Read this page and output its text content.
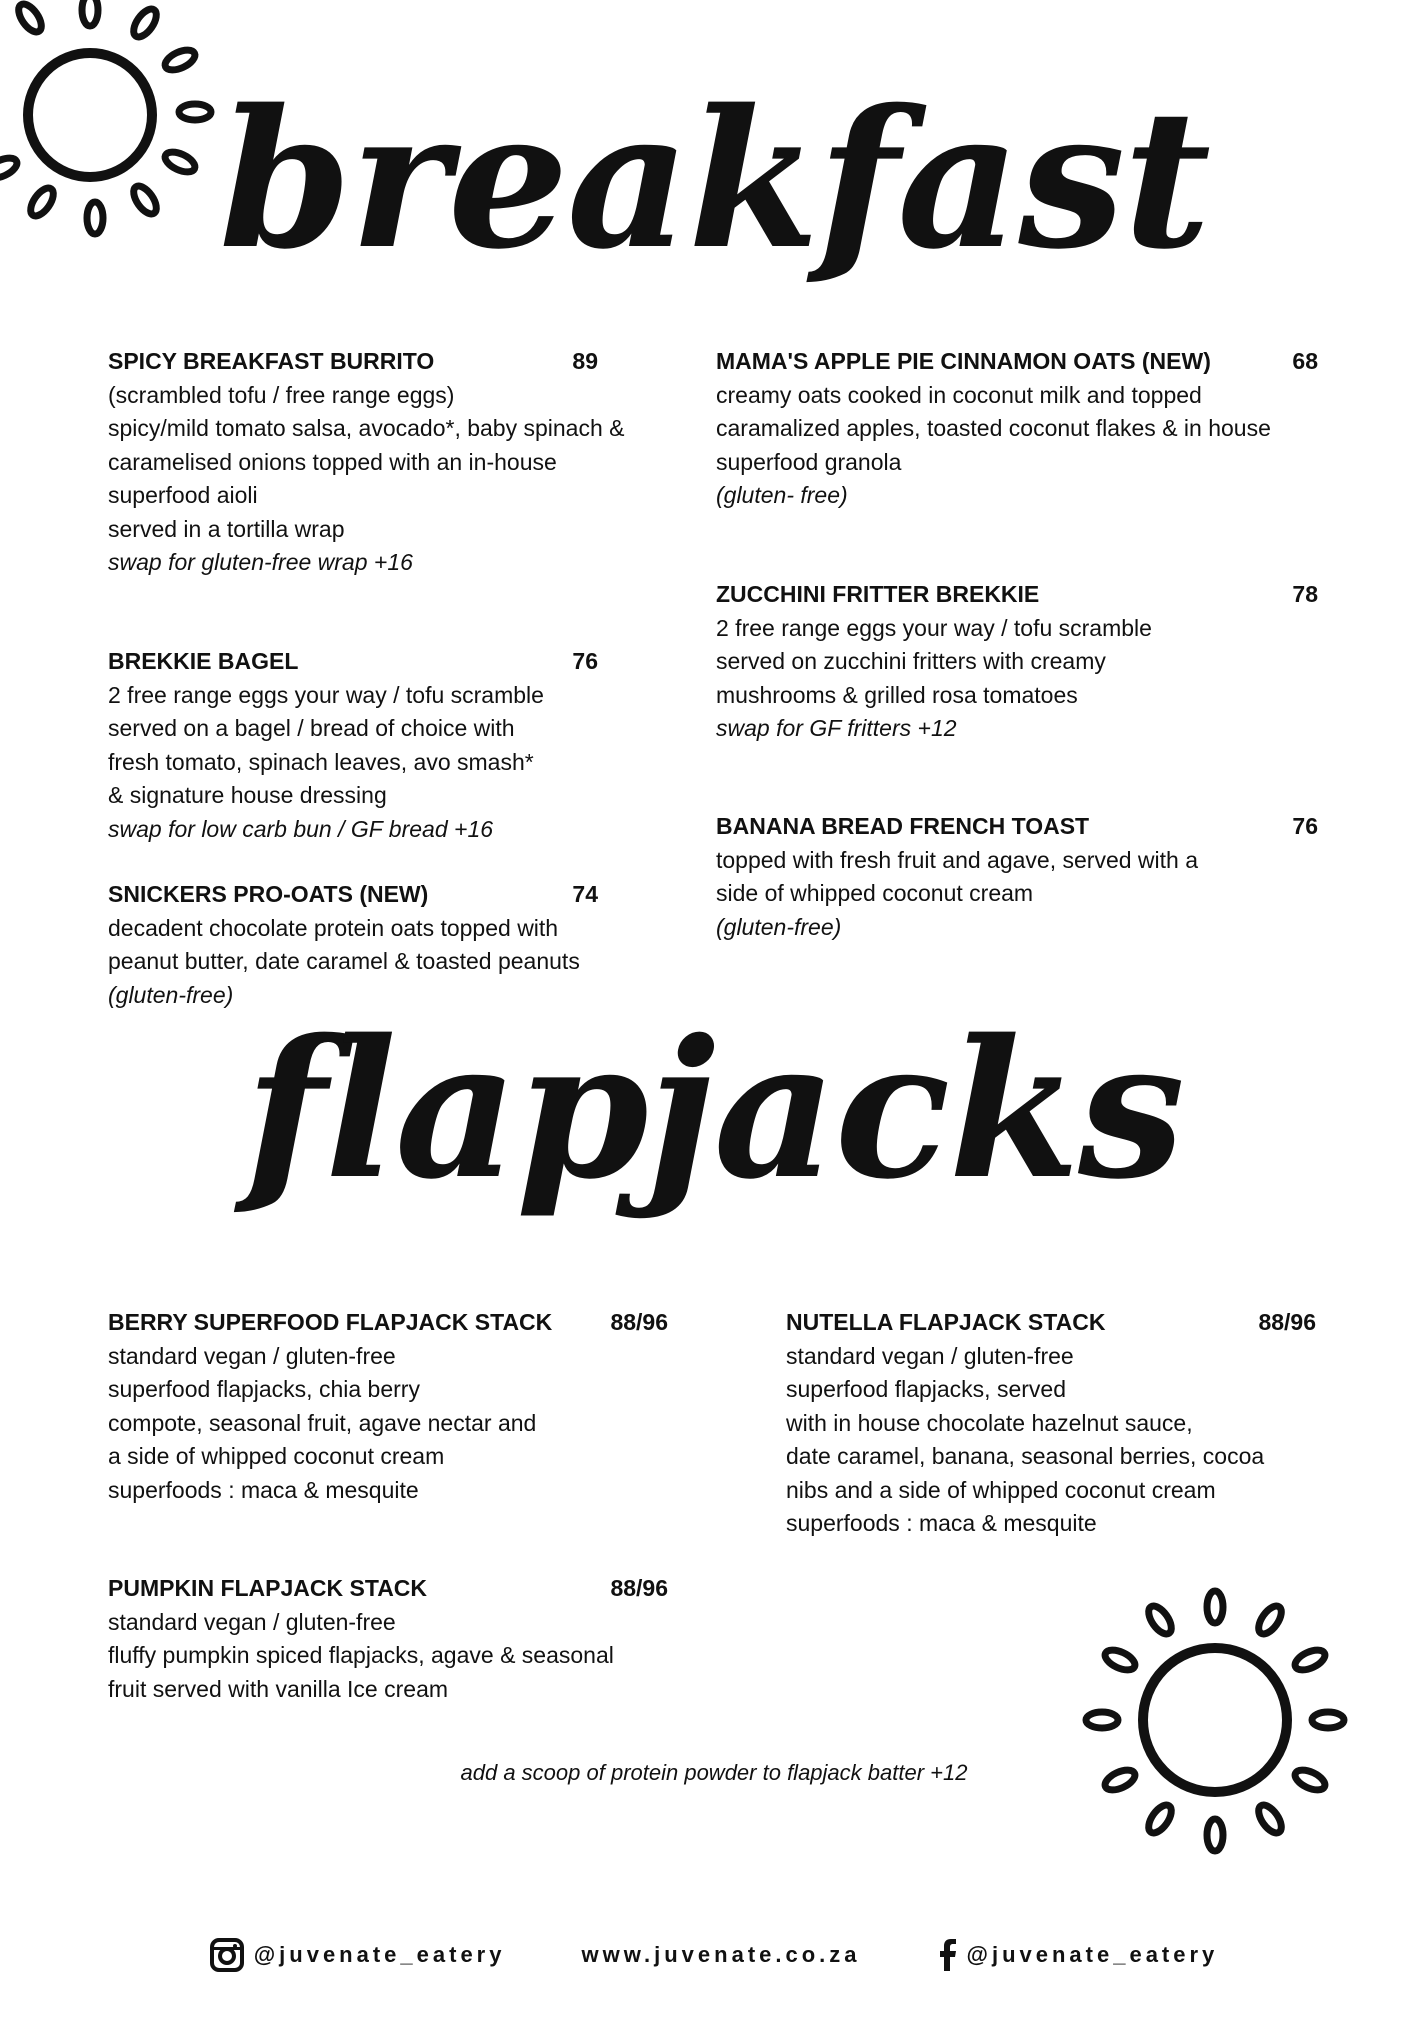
breakfast
SPICY BREAKFAST BURRITO	89
(scrambled tofu / free range eggs)
spicy/mild tomato salsa, avocado*, baby spinach &
caramelised onions topped with an in-house
superfood aioli
served in a tortilla wrap
swap for gluten-free wrap +16
BREKKIE BAGEL	76
2 free range eggs your way / tofu scramble
served on a bagel / bread of choice with
fresh tomato, spinach leaves, avo smash*
& signature house dressing
swap for low carb bun / GF bread +16
SNICKERS PRO-OATS (NEW)	74
decadent chocolate protein oats topped with
peanut butter, date caramel & toasted peanuts
(gluten-free)
MAMA'S APPLE PIE CINNAMON OATS (NEW)	68
creamy oats cooked in coconut milk and topped
caramalized apples, toasted coconut flakes & in house
superfood granola
(gluten- free)
ZUCCHINI FRITTER BREKKIE	78
2 free range eggs your way / tofu scramble
served on zucchini fritters with creamy
mushrooms & grilled rosa tomatoes
swap for GF fritters +12
BANANA BREAD FRENCH TOAST	76
topped with fresh fruit and agave, served with a
side of whipped coconut cream
(gluten-free)
flapjacks
BERRY SUPERFOOD FLAPJACK STACK	88/96
standard vegan / gluten-free
superfood flapjacks, chia berry
compote, seasonal fruit, agave nectar and
a side of whipped coconut cream
superfoods : maca & mesquite
NUTELLA FLAPJACK STACK	88/96
standard vegan / gluten-free
superfood flapjacks, served
with in house chocolate hazelnut sauce,
date caramel, banana, seasonal berries, cocoa
nibs and a side of whipped coconut cream
superfoods : maca & mesquite
PUMPKIN FLAPJACK STACK	88/96
standard vegan / gluten-free
fluffy pumpkin spiced flapjacks, agave & seasonal
fruit served with vanilla Ice cream
add a scoop of protein powder to flapjack batter +12
@juvenate_eatery	www.juvenate.co.za	@juvenate_eatery
